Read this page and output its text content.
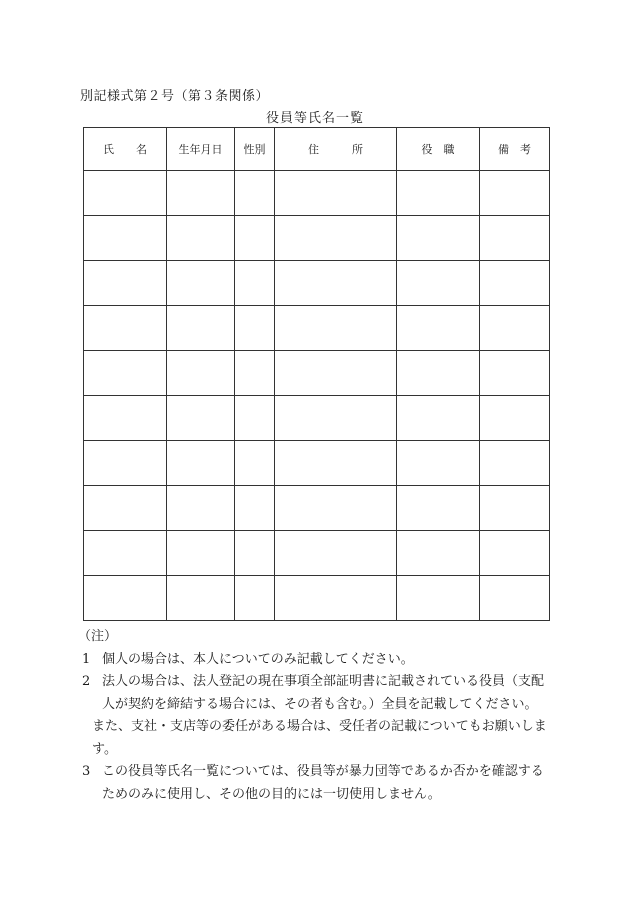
別記様式第２号（第３条関係）
役員等氏名一覧
氏　　名	生年月日	性別	住　　　所	役　職	備　考

（注）
1 個人の場合は、本人についてのみ記載してください。
2 法人の場合は、法人登記の現在事項全部証明書に記載されている役員（支配人が契約を締結する場合には、その者も含む。）全員を記載してください。
また、支社・支店等の委任がある場合は、受任者の記載についてもお願いします。
3 この役員等氏名一覧については、役員等が暴力団等であるか否かを確認するためのみに使用し、その他の目的には一切使用しません。
